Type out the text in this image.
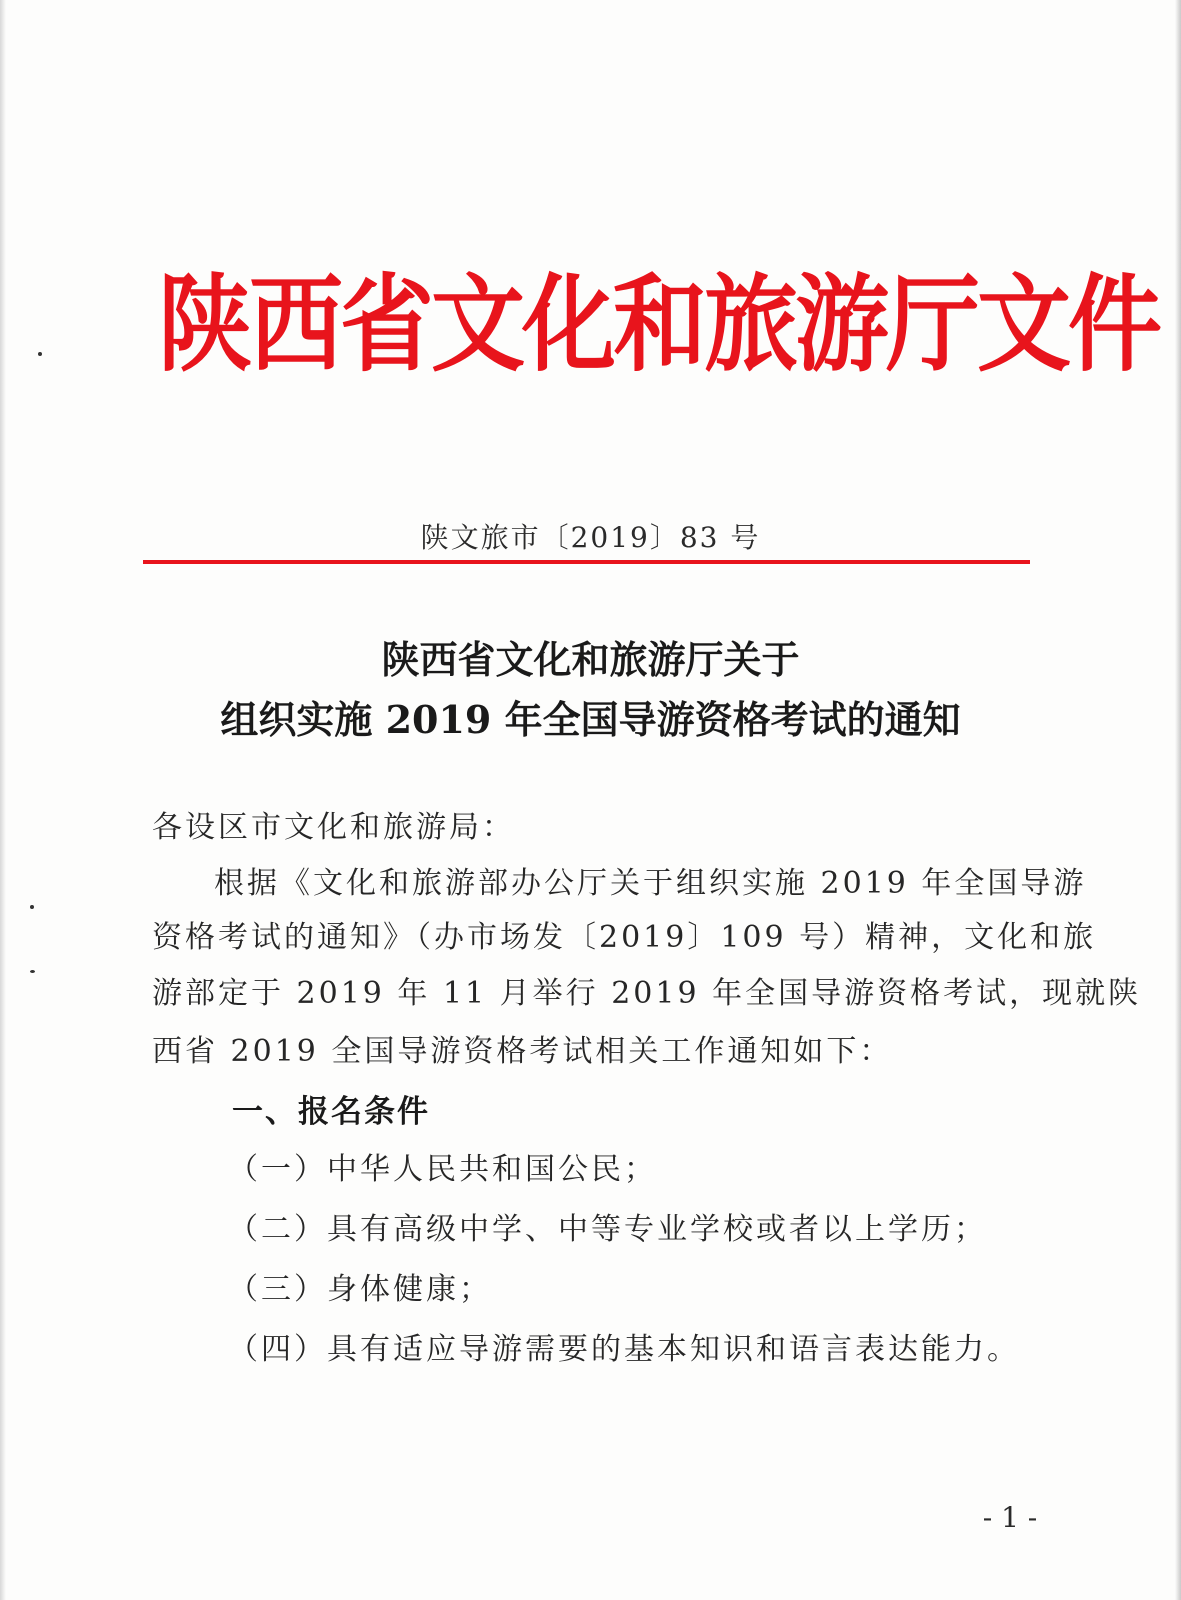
陕西省文化和旅游厅文件
陕文旅市〔2019〕83 号
陕西省文化和旅游厅关于
组织实施 2019 年全国导游资格考试的通知
各设区市文化和旅游局：
根据《文化和旅游部办公厅关于组织实施 2019 年全国导游
资格考试的通知》（办市场发〔2019〕109 号）精神，文化和旅
游部定于 2019 年 11 月举行 2019 年全国导游资格考试，现就陕
西省 2019 全国导游资格考试相关工作通知如下：
一、报名条件
（一）中华人民共和国公民；
（二）具有高级中学、中等专业学校或者以上学历；
（三）身体健康；
（四）具有适应导游需要的基本知识和语言表达能力。
- 1 -
